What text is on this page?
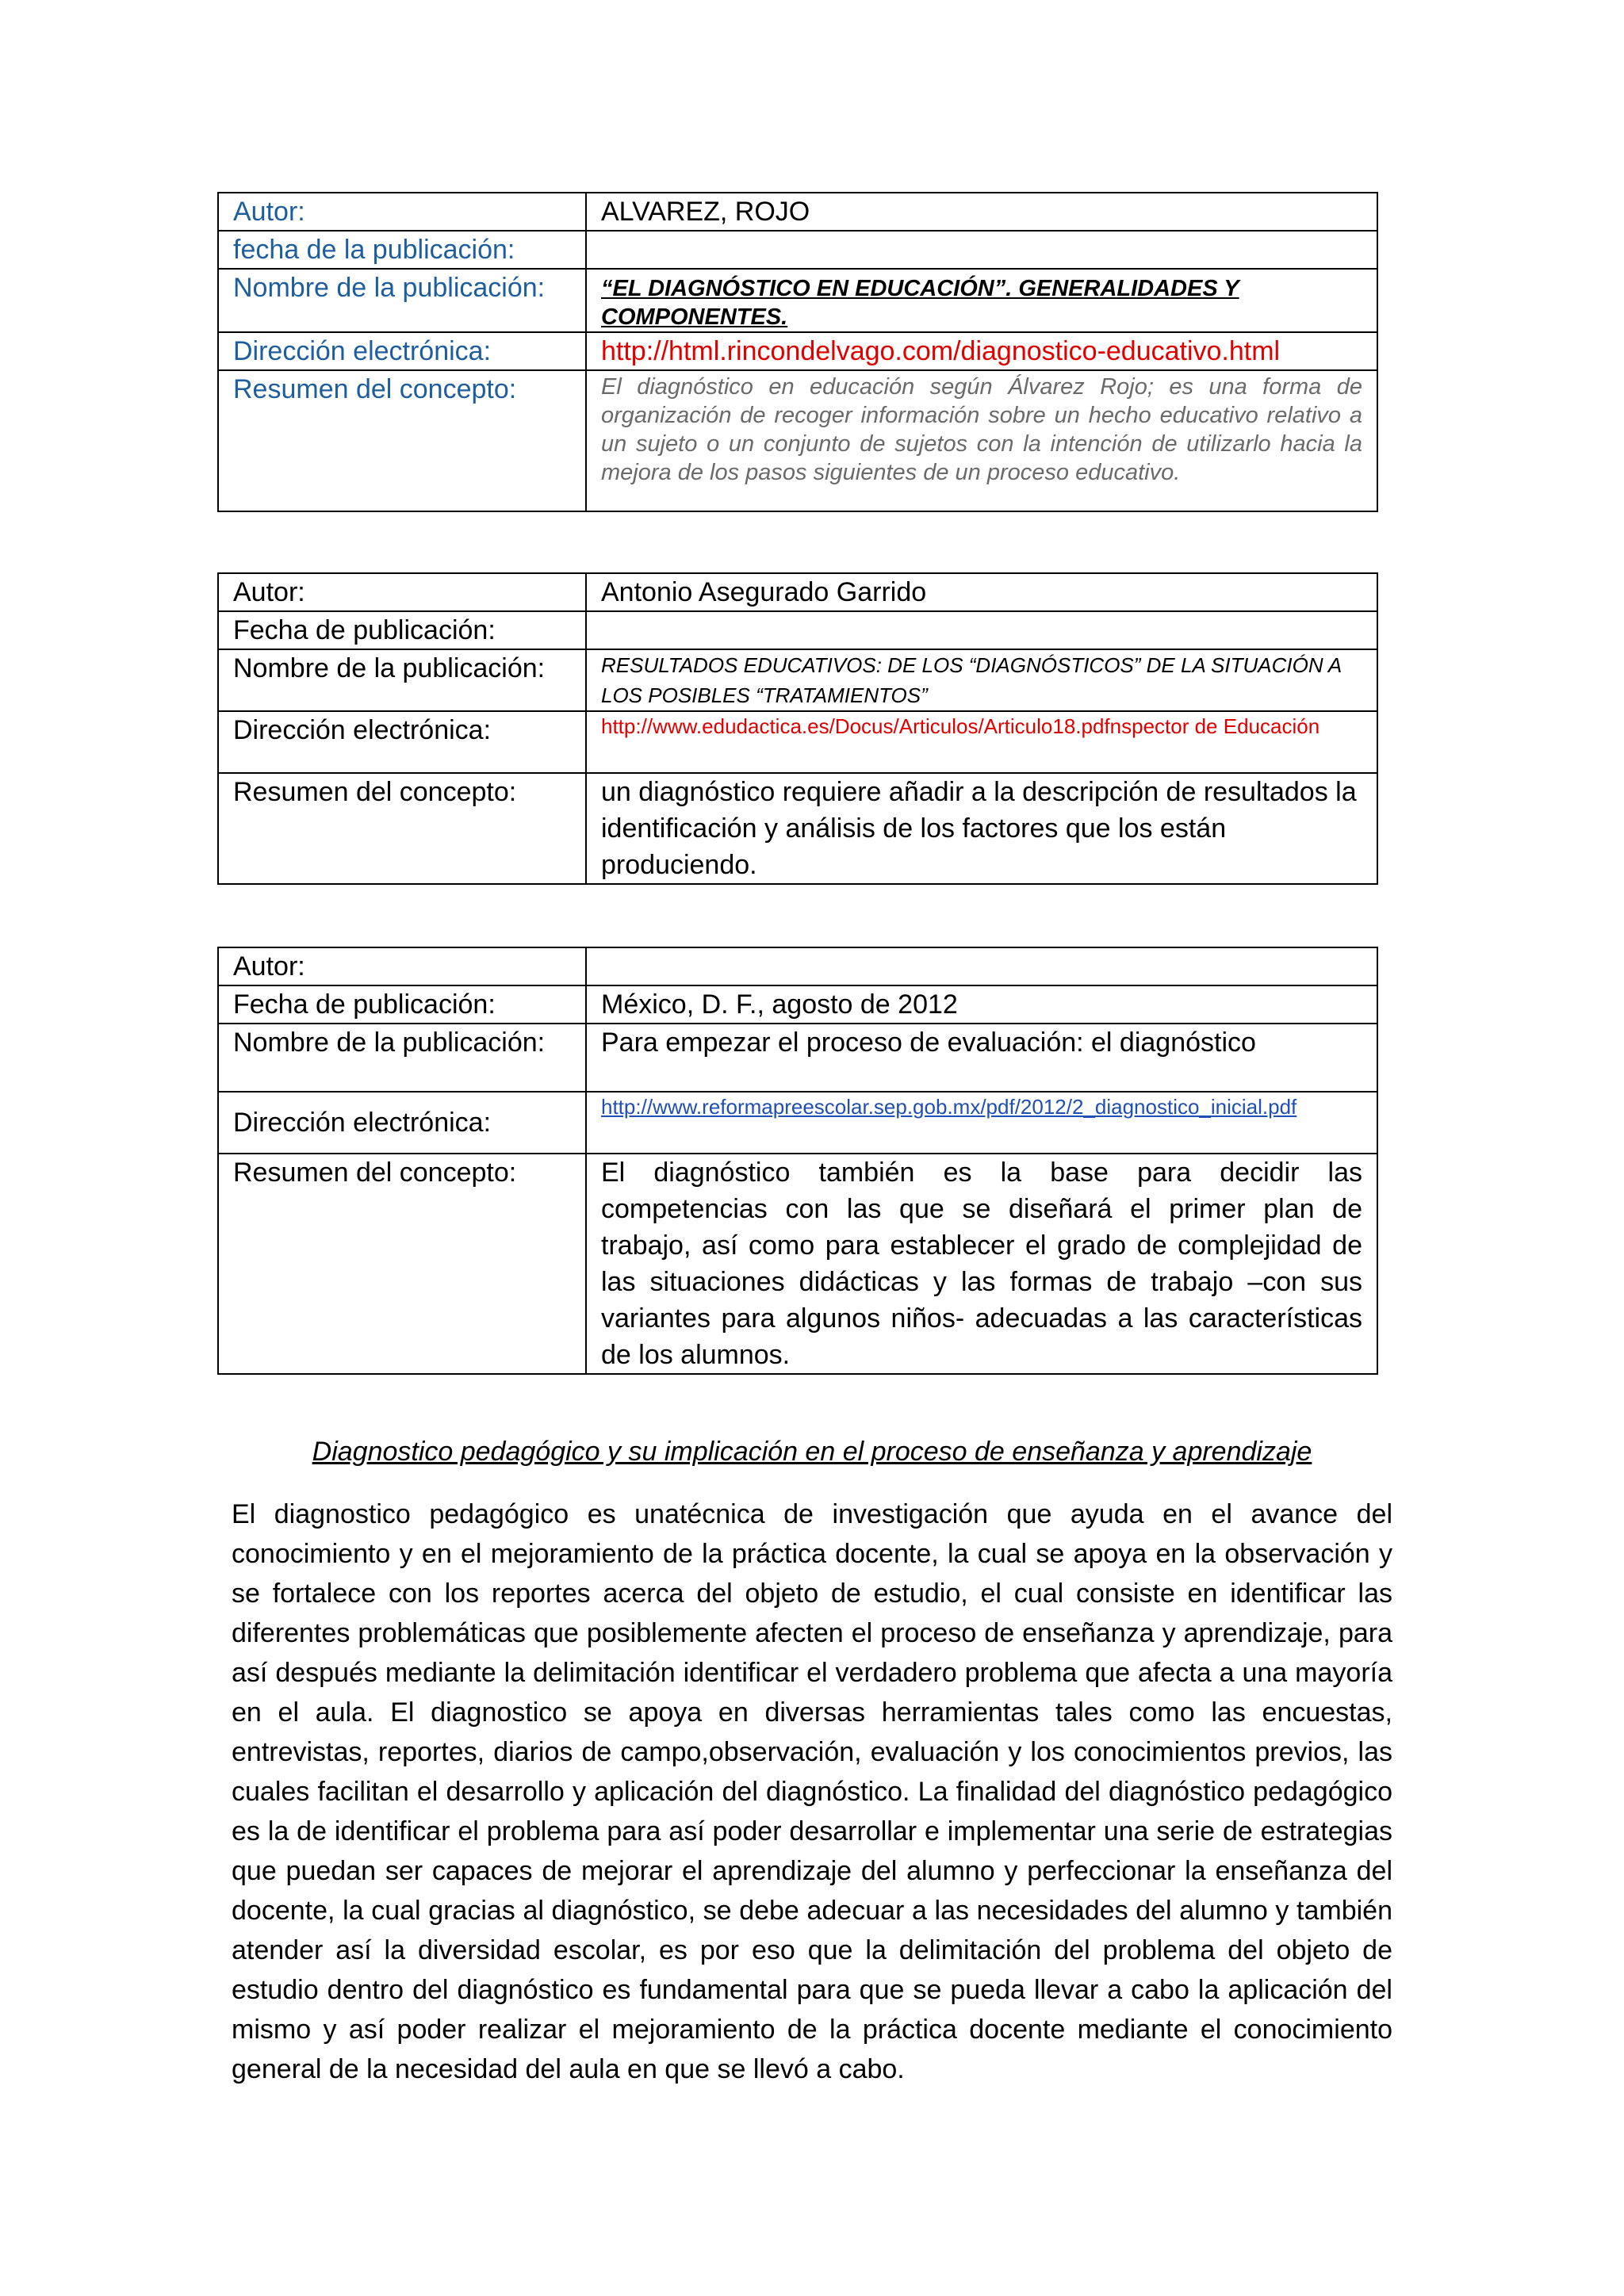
Autor:	ALVAREZ, ROJO
fecha de la publicación:	
Nombre de la publicación:	“EL DIAGNÓSTICO EN EDUCACIÓN”. GENERALIDADES Y COMPONENTES.

Dirección electrónica:	http://html.rincondelvago.com/diagnostico-educativo.html
Resumen del concepto:	El diagnóstico en educación según Álvarez Rojo; es una forma de organización de recoger información sobre un hecho educativo relativo a un sujeto o un conjunto de sujetos con la intención de utilizarlo hacia la mejora de los pasos siguientes de un proceso educativo.
Autor:	Antonio Asegurado Garrido
Fecha de publicación:	
Nombre de la publicación:	RESULTADOS EDUCATIVOS: DE LOS “DIAGNÓSTICOS” DE LA SITUACIÓN A LOS POSIBLES “TRATAMIENTOS”

Dirección electrónica:	http://www.edudactica.es/Docus/Articulos/Articulo18.pdfnspector de Educación

Resumen del concepto:	un diagnóstico requiere añadir a la descripción de resultados la identificación y análisis de los factores que los están produciendo.
Autor:	
Fecha de publicación:	México, D. F., agosto de 2012
Nombre de la publicación:	Para empezar el proceso de evaluación: el diagnóstico
Dirección electrónica:	http://www.reformapreescolar.sep.gob.mx/pdf/2012/2_diagnostico_inicial.pdf

Resumen del concepto:	El diagnóstico también es la base para decidir las competencias con las que se diseñará el primer plan de trabajo, así como para establecer el grado de complejidad de las situaciones didácticas y las formas de trabajo –con sus variantes para algunos niños- adecuadas a las características de los alumnos.
Diagnostico pedagógico y su implicación en el proceso de enseñanza y aprendizaje
El diagnostico pedagógico es unatécnica de investigación que ayuda en el avance del conocimiento y en el mejoramiento de la práctica docente, la cual se apoya en la observación y se fortalece con los reportes acerca del objeto de estudio, el cual consiste en identificar las diferentes problemáticas que posiblemente afecten el proceso de enseñanza y aprendizaje, para así después mediante la delimitación identificar el verdadero problema que afecta a una mayoría en el aula. El diagnostico se apoya en diversas herramientas tales como las encuestas, entrevistas, reportes, diarios de campo,observación, evaluación y los conocimientos previos, las cuales facilitan el desarrollo y aplicación del diagnóstico. La finalidad del diagnóstico pedagógico es la de identificar el problema para así poder desarrollar e implementar una serie de estrategias que puedan ser capaces de mejorar el aprendizaje del alumno y perfeccionar la enseñanza del docente, la cual gracias al diagnóstico, se debe adecuar a las necesidades del alumno y también atender así la diversidad escolar, es por eso que la delimitación del problema del objeto de estudio dentro del diagnóstico es fundamental para que se pueda llevar a cabo la aplicación del mismo y así poder realizar el mejoramiento de la práctica docente mediante el conocimiento general de la necesidad del aula en que se llevó a cabo.
